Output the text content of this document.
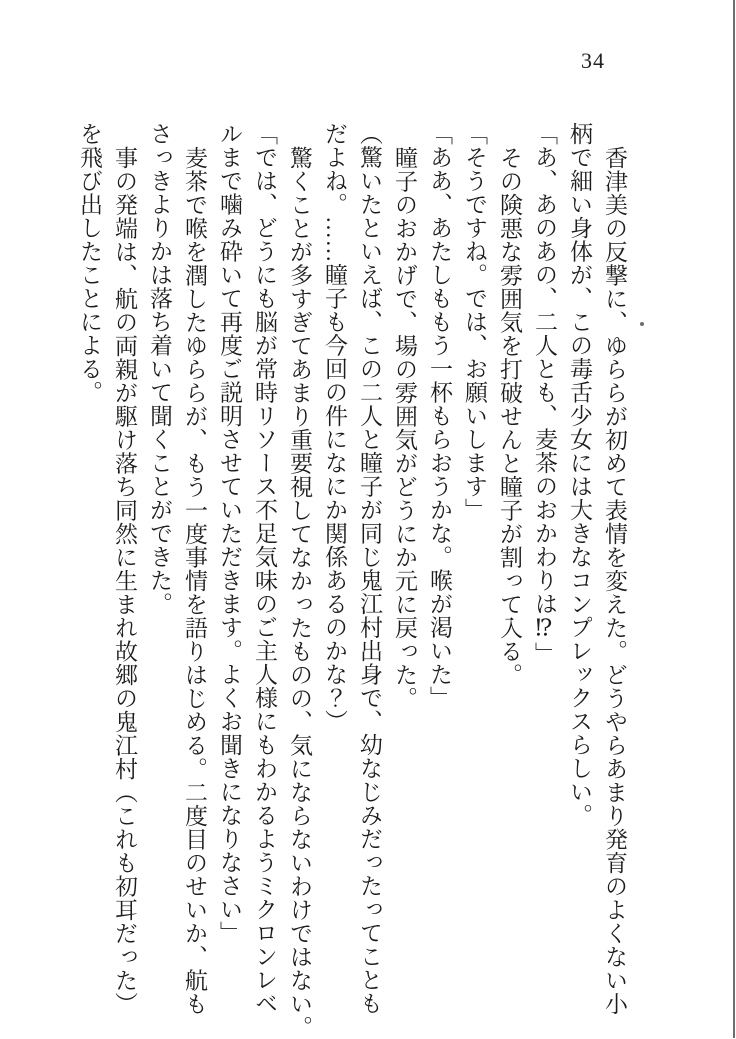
34

香津美の反撃に、ゆららが初めて表情を変えた。どうやらあまり発育のよくない小

柄で細い身体が、この毒舌少女には大きなコンプレックスらしい。

「あ、あのあの、二人とも、麦茶のおかわりは⁉」

その険悪な雰囲気を打破せんと瞳子が割って入る。

「そうですね。では、お願いします」

「ああ、あたしももう一杯もらおうかな。喉が渇いた」

瞳子のおかげで、場の雰囲気がどうにか元に戻った。

（驚いたといえば、この二人と瞳子が同じ鬼江村出身で、幼なじみだったってことも

だよね。……瞳子も今回の件になにか関係あるのかな？）

驚くことが多すぎてあまり重要視してなかったものの、気にならないわけではない。

「では、どうにも脳が常時リソース不足気味のご主人様にもわかるようミクロンレベ

ルまで噛み砕いて再度ご説明させていただきます。よくお聞きになりなさい」

麦茶で喉を潤したゆららが、もう一度事情を語りはじめる。二度目のせいか、航も

さっきよりかは落ち着いて聞くことができた。

事の発端は、航の両親が駆け落ち同然に生まれ故郷の鬼江村（これも初耳だった）

を飛び出したことによる。
